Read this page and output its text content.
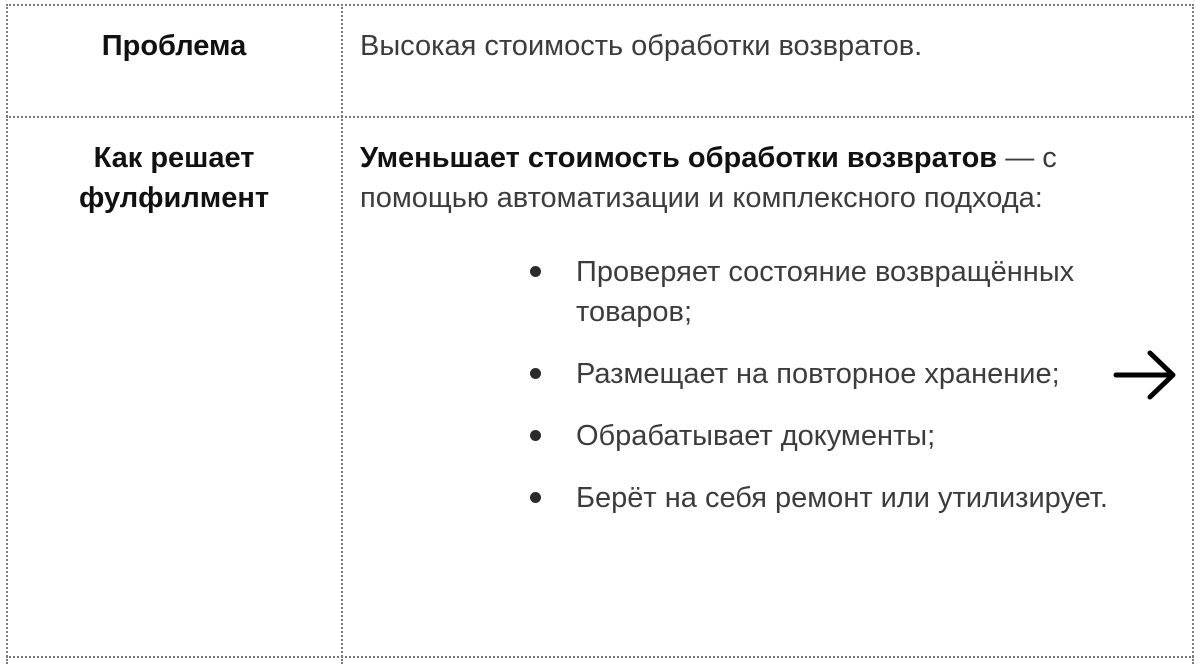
Проблема	Высокая стоимость обработки возвратов.
Как решает
фулфилмент
Уменьшает стоимость обработки возвратов — с помощью автоматизации и комплексного подхода:
Проверяет состояние возвращённых товаров;
Размещает на повторное хранение;
Обрабатывает документы;
Берёт на себя ремонт или утилизирует.
